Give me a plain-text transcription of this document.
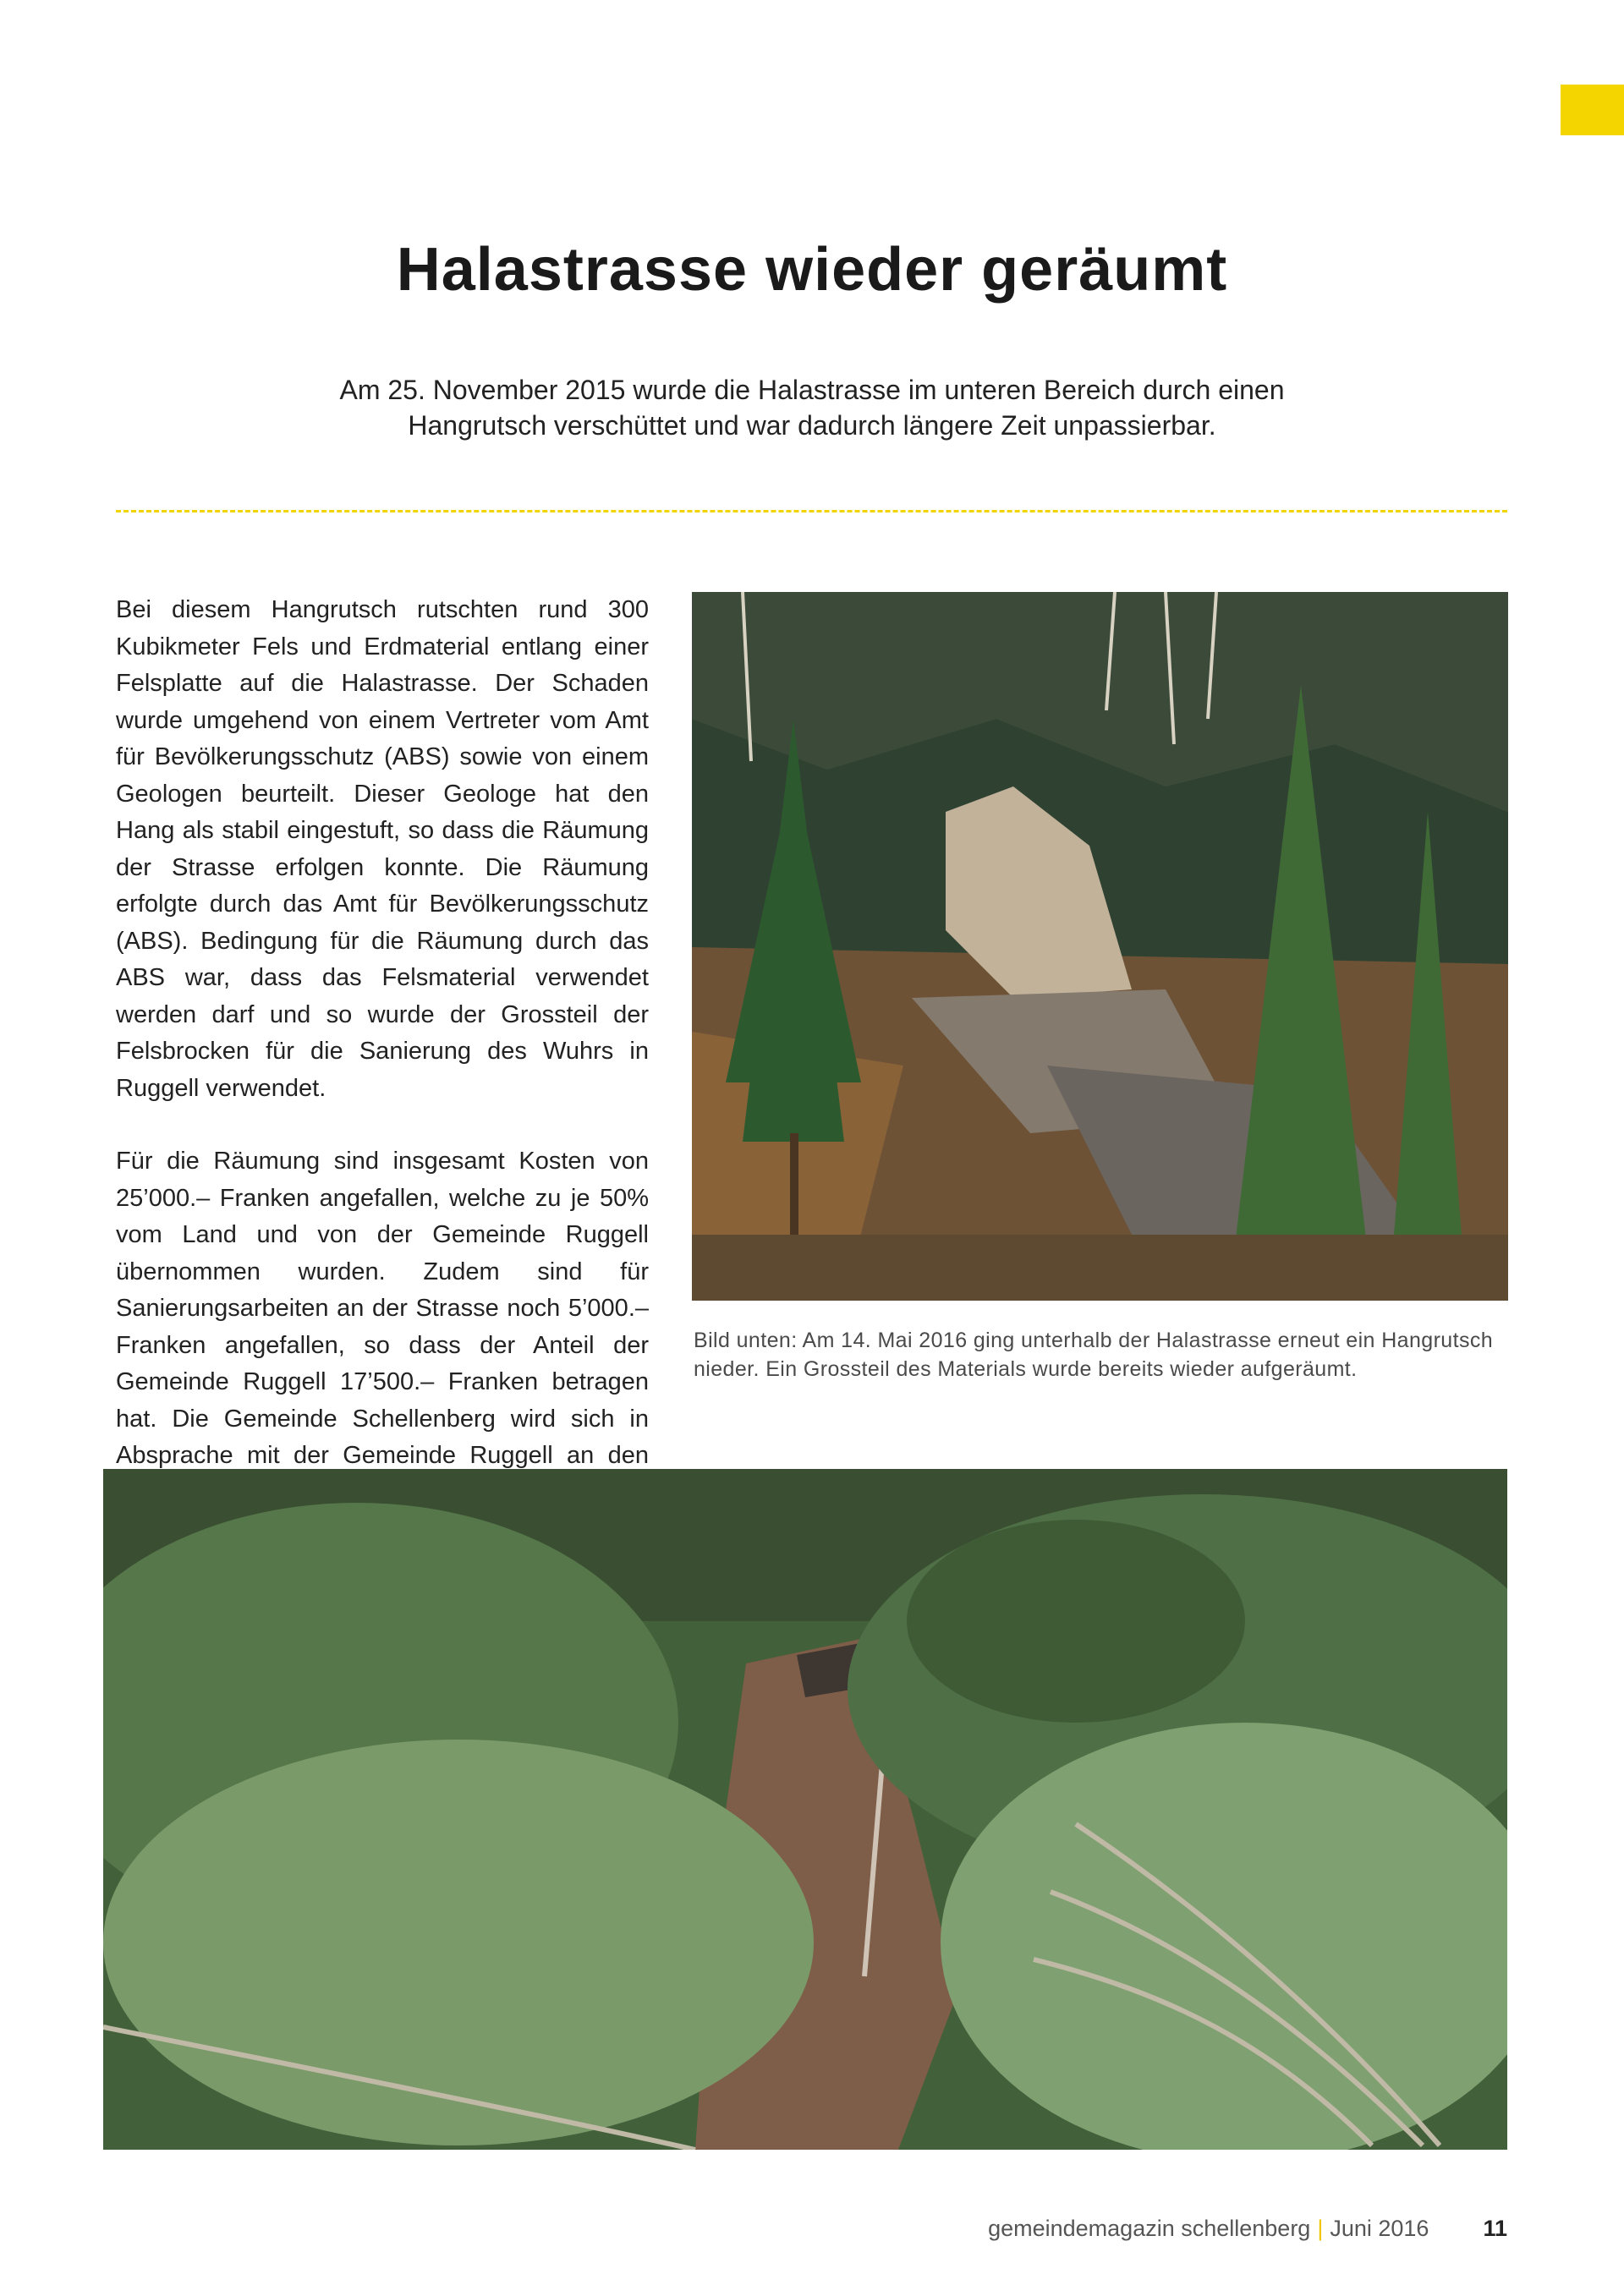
Halastrasse wieder geräumt

Am 25. November 2015 wurde die Halastrasse im unteren Bereich durch einen
Hangrutsch verschüttet und war dadurch längere Zeit unpassierbar.

Bei diesem Hangrutsch rutschten rund 300 Kubikmeter Fels und Erdmaterial entlang einer Felsplatte auf die Halastrasse. Der Schaden wurde umgehend von einem Vertreter vom Amt für Bevölkerungsschutz (ABS) sowie von einem Geologen beurteilt. Dieser Geologe hat den Hang als stabil eingestuft, so dass die Räumung der Strasse erfolgen konnte. Die Räumung erfolgte durch das Amt für Bevölkerungsschutz (ABS). Bedingung für die Räumung durch das ABS war, dass das Felsmaterial verwendet werden darf und so wurde der Grossteil der Felsbrocken für die Sanierung des Wuhrs in Ruggell verwendet.

Für die Räumung sind insgesamt Kosten von 25’000.– Franken angefallen, welche zu je 50% vom Land und von der Gemeinde Ruggell übernommen wurden. Zudem sind für Sanierungsarbeiten an der Strasse noch 5’000.– Franken angefallen, so dass der Anteil der Gemeinde Ruggell 17’500.– Franken betragen hat. Die Gemeinde Schellenberg wird sich in Absprache mit der Gemeinde Ruggell an den

Bild unten: Am 14. Mai 2016 ging unterhalb der Halastrasse erneut ein Hangrutsch nieder. Ein Grossteil des Materials wurde bereits wieder aufgeräumt.

gemeindemagazin schellenberg | Juni 2016 11
